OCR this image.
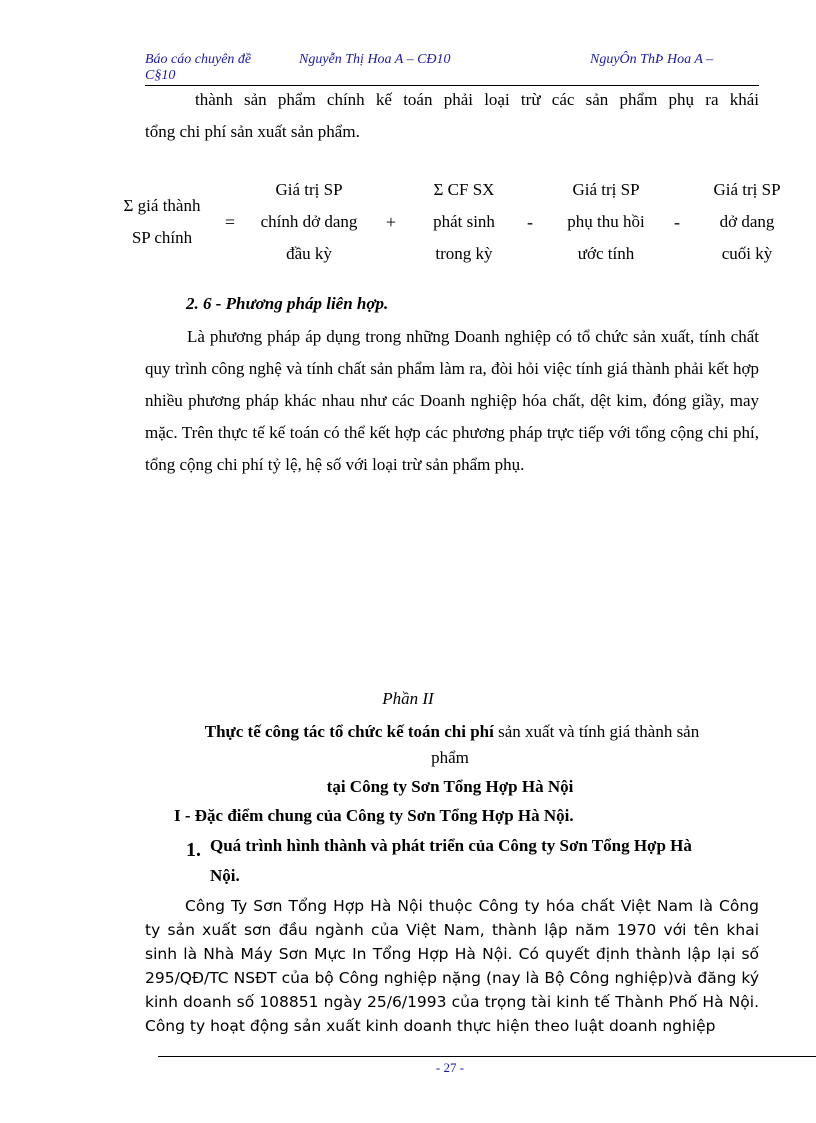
Báo cáo chuyên đề	Nguyễn Thị Hoa A – CĐ10	NguyÔn ThÞ Hoa A –
C§10
thành sản phẩm chính kế toán phải loại trừ các sản phẩm phụ ra khái
tổng chi phí sản xuất sản phẩm.
Σ giá thành
SP chính
=
Giá trị SP
chính dở dang
đầu kỳ
+
Σ CF SX
phát sinh
trong kỳ
-
Giá trị SP
phụ thu hồi
ước tính
-
Giá trị SP
dở dang
cuối kỳ
2. 6 - Phương pháp liên hợp.
Là phương pháp áp dụng trong những Doanh nghiệp có tổ chức sản xuất, tính chất quy trình công nghệ và tính chất sản phẩm làm ra, đòi hỏi việc tính giá thành phải kết hợp nhiều phương pháp khác nhau như các Doanh nghiệp hóa chất, dệt kim, đóng giầy, may mặc. Trên thực tế kế toán có thể kết hợp các phương pháp trực tiếp với tổng cộng chi phí, tổng cộng chi phí tỷ lệ, hệ số với loại trừ sản phẩm phụ.
Phần II
Thực tế công tác tổ chức kế toán chi phí sản xuất và tính giá thành sản
phẩm
tại Công ty Sơn Tổng Hợp Hà Nội
I - Đặc điểm chung của Công ty Sơn Tổng Hợp Hà Nội.
1. Quá trình hình thành và phát triển của Công ty Sơn Tổng Hợp Hà
Nội.
Công Ty Sơn Tổng Hợp Hà Nội thuộc Công ty hóa chất Việt Nam là Công ty sản xuất sơn đầu ngành của Việt Nam, thành lập năm 1970 với tên khai sinh là Nhà Máy Sơn Mực In Tổng Hợp Hà Nội. Có quyết định thành lập lại số 295/QĐ/TC NSĐT của bộ Công nghiệp nặng (nay là Bộ Công nghiệp)và đăng ký kinh doanh số 108851 ngày 25/6/1993 của trọng tài kinh tế Thành Phố Hà Nội. Công ty hoạt động sản xuất kinh doanh thực hiện theo luật doanh nghiệp
- 27 -
